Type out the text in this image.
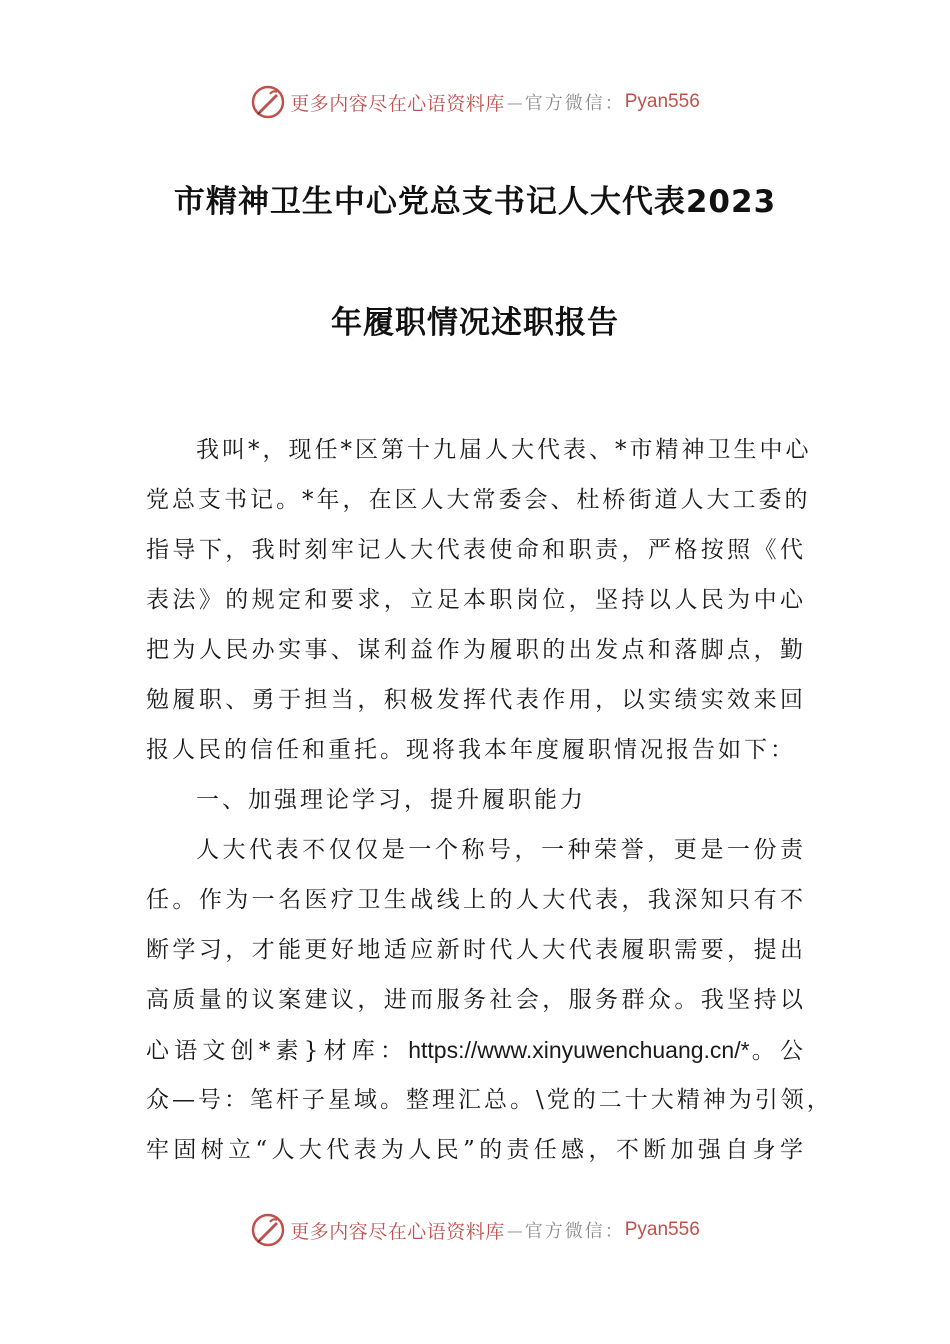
更多内容尽在心语资料库 — 官方微信： Pyan556
市精神卫生中心党总支书记人大代表2023
年履职情况述职报告
我叫*，现任*区第十九届人大代表、*市精神卫生中心
党总支书记。*年，在区人大常委会、杜桥街道人大工委的
指导下，我时刻牢记人大代表使命和职责，严格按照《代
表法》的规定和要求，立足本职岗位，坚持以人民为中心
把为人民办实事、谋利益作为履职的出发点和落脚点，勤
勉履职、勇于担当，积极发挥代表作用，以实绩实效来回
报人民的信任和重托。现将我本年度履职情况报告如下：
一、加强理论学习，提升履职能力
人大代表不仅仅是一个称号，一种荣誉，更是一份责
任。作为一名医疗卫生战线上的人大代表，我深知只有不
断学习，才能更好地适应新时代人大代表履职需要，提出
高质量的议案建议，进而服务社会，服务群众。我坚持以
心语文创*素}材库：https://www.xinyuwenchuang.cn/*。公
众—号：笔杆子星域。整理汇总。\党的二十大精神为引领，
牢固树立“人大代表为人民”的责任感，不断加强自身学
更多内容尽在心语资料库 — 官方微信： Pyan556
